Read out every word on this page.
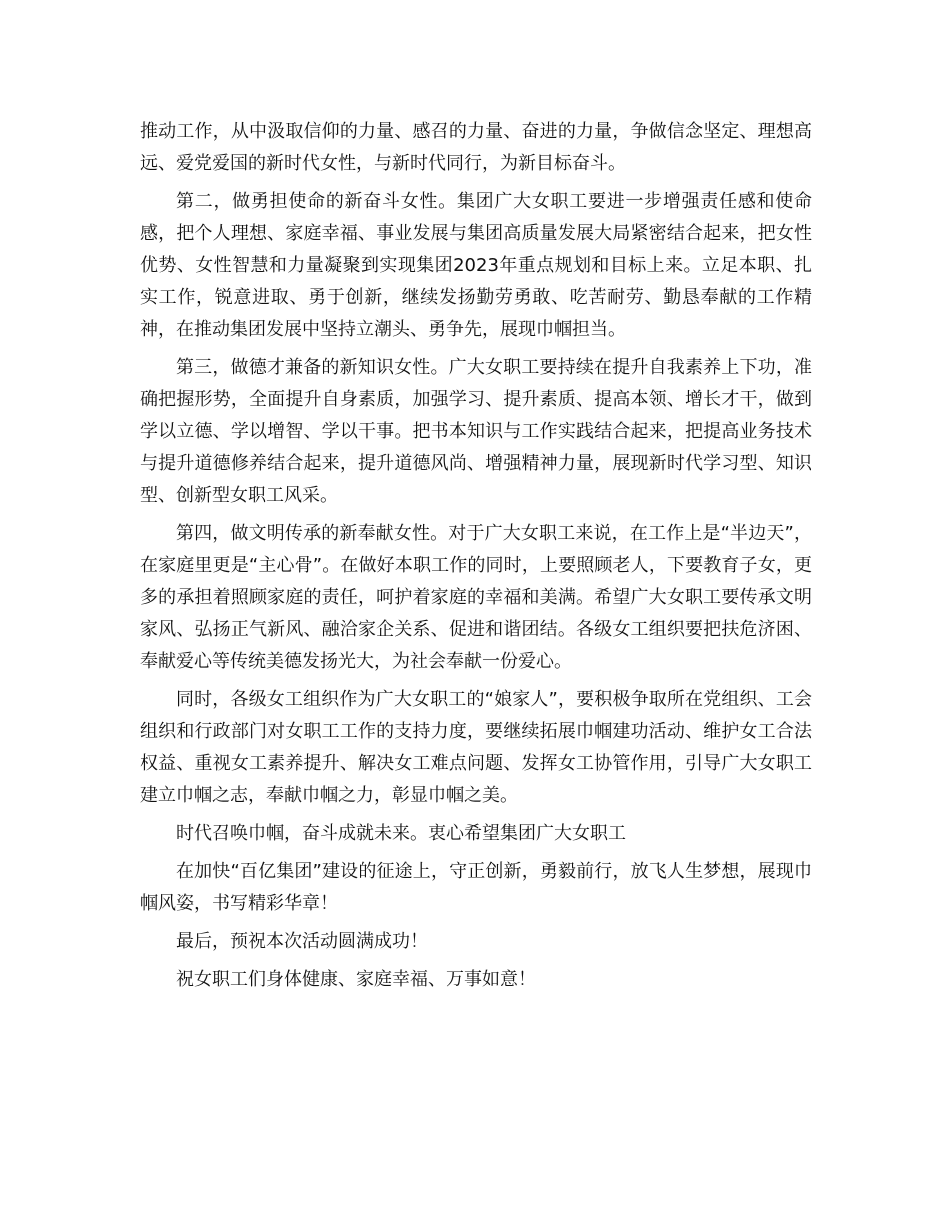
推动工作，从中汲取信仰的力量、感召的力量、奋进的力量，争做信念坚定、理想高远、爱党爱国的新时代女性，与新时代同行，为新目标奋斗。

第二，做勇担使命的新奋斗女性。集团广大女职工要进一步增强责任感和使命感，把个人理想、家庭幸福、事业发展与集团高质量发展大局紧密结合起来，把女性优势、女性智慧和力量凝聚到实现集团2023年重点规划和目标上来。立足本职、扎实工作，锐意进取、勇于创新，继续发扬勤劳勇敢、吃苦耐劳、勤恳奉献的工作精神，在推动集团发展中坚持立潮头、勇争先，展现巾帼担当。

第三，做德才兼备的新知识女性。广大女职工要持续在提升自我素养上下功，准确把握形势，全面提升自身素质，加强学习、提升素质、提高本领、增长才干，做到学以立德、学以增智、学以干事。把书本知识与工作实践结合起来，把提高业务技术与提升道德修养结合起来，提升道德风尚、增强精神力量，展现新时代学习型、知识型、创新型女职工风采。

第四，做文明传承的新奉献女性。对于广大女职工来说，在工作上是“半边天”，在家庭里更是“主心骨”。在做好本职工作的同时，上要照顾老人，下要教育子女，更多的承担着照顾家庭的责任，呵护着家庭的幸福和美满。希望广大女职工要传承文明家风、弘扬正气新风、融洽家企关系、促进和谐团结。各级女工组织要把扶危济困、奉献爱心等传统美德发扬光大，为社会奉献一份爱心。

同时，各级女工组织作为广大女职工的“娘家人”，要积极争取所在党组织、工会组织和行政部门对女职工工作的支持力度，要继续拓展巾帼建功活动、维护女工合法权益、重视女工素养提升、解决女工难点问题、发挥女工协管作用，引导广大女职工建立巾帼之志，奉献巾帼之力，彰显巾帼之美。

时代召唤巾帼，奋斗成就未来。衷心希望集团广大女职工

在加快“百亿集团”建设的征途上，守正创新，勇毅前行，放飞人生梦想，展现巾帼风姿，书写精彩华章！

最后，预祝本次活动圆满成功！

祝女职工们身体健康、家庭幸福、万事如意！
